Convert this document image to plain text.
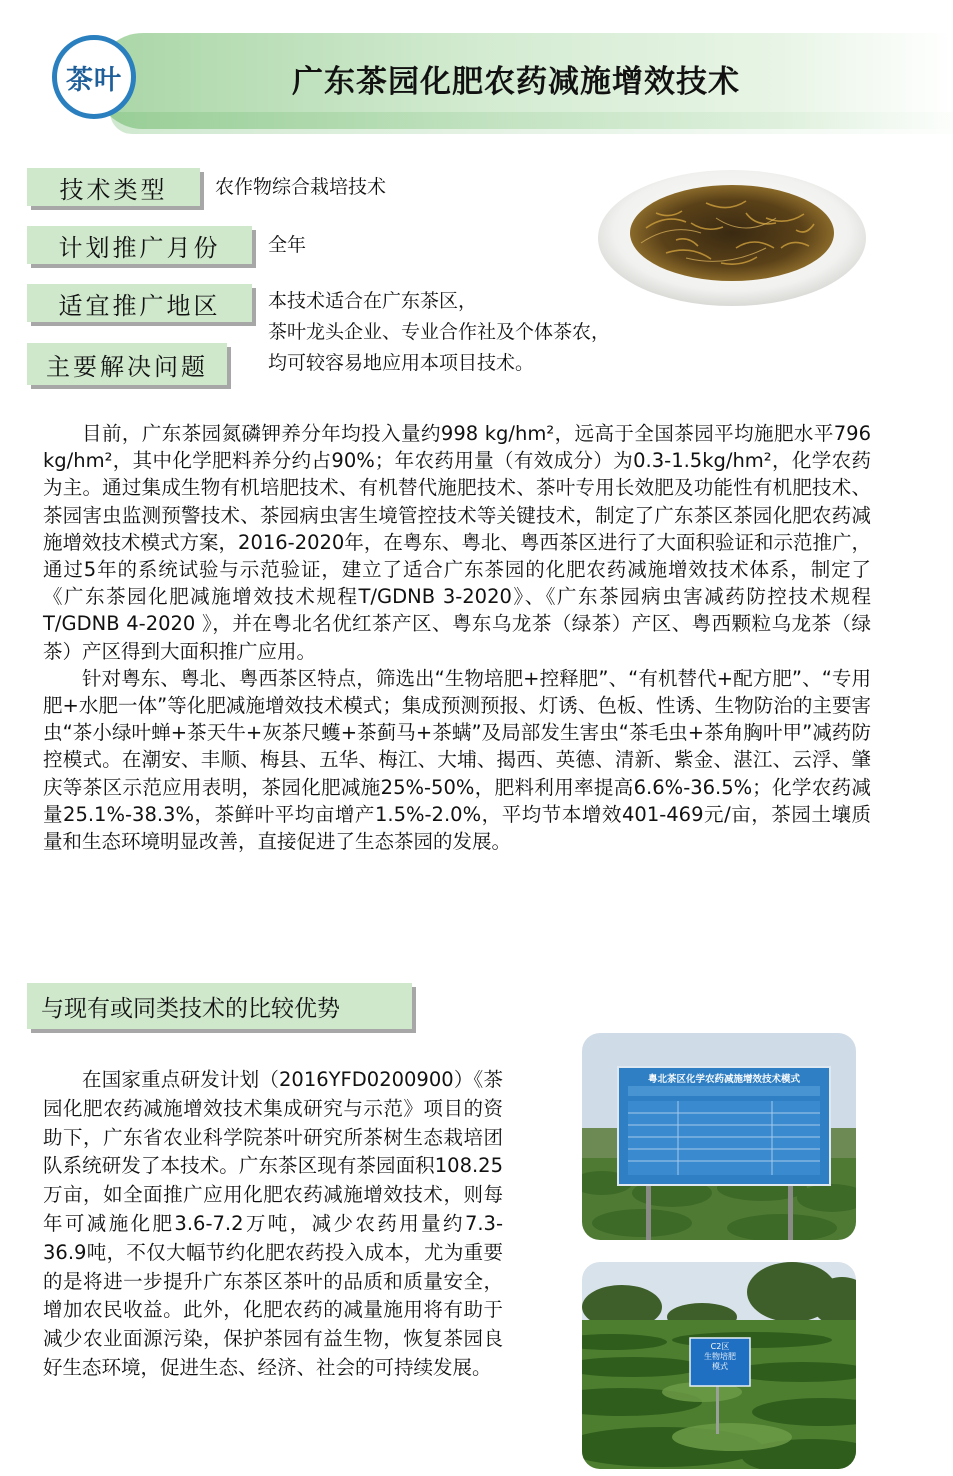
茶叶	广东茶园化肥农药减施增效技术
技术类型	农作物综合栽培技术
计划推广月份	全年
适宜推广地区	本技术适合在广东茶区，
茶叶龙头企业、专业合作社及个体茶农，
均可较容易地应用本项目技术。
主要解决问题

目前，广东茶园氮磷钾养分年均投入量约998 kg/hm²，远高于全国茶园平均施肥水平796 kg/hm²，其中化学肥料养分约占90%；年农药用量（有效成分）为0.3-1.5kg/hm²，化学农药为主。通过集成生物有机培肥技术、有机替代施肥技术、茶叶专用长效肥及功能性有机肥技术、茶园害虫监测预警技术、茶园病虫害生境管控技术等关键技术，制定了广东茶区茶园化肥农药减施增效技术模式方案，2016-2020年，在粤东、粤北、粤西茶区进行了大面积验证和示范推广，通过5年的系统试验与示范验证，建立了适合广东茶园的化肥农药减施增效技术体系，制定了《广东茶园化肥减施增效技术规程T/GDNB 3-2020》、《广东茶园病虫害减药防控技术规程 T/GDNB 4-2020 》，并在粤北名优红茶产区、粤东乌龙茶（绿茶）产区、粤西颗粒乌龙茶（绿茶）产区得到大面积推广应用。

针对粤东、粤北、粤西茶区特点，筛选出“生物培肥+控释肥”、“有机替代+配方肥”、“专用肥+水肥一体”等化肥减施增效技术模式；集成预测预报、灯诱、色板、性诱、生物防治的主要害虫“茶小绿叶蝉+茶天牛+灰茶尺蠖+茶蓟马+茶螨”及局部发生害虫“茶毛虫+茶角胸叶甲”减药防控模式。在潮安、丰顺、梅县、五华、梅江、大埔、揭西、英德、清新、紫金、湛江、云浮、肇庆等茶区示范应用表明，茶园化肥减施25%-50%，肥料利用率提高6.6%-36.5%；化学农药减量25.1%-38.3%，茶鲜叶平均亩增产1.5%-2.0%，平均节本增效401-469元/亩，茶园土壤质量和生态环境明显改善，直接促进了生态茶园的发展。

与现有或同类技术的比较优势

在国家重点研发计划（2016YFD0200900）《茶园化肥农药减施增效技术集成研究与示范》项目的资助下，广东省农业科学院茶叶研究所茶树生态栽培团队系统研发了本技术。广东茶区现有茶园面积108.25万亩，如全面推广应用化肥农药减施增效技术，则每年可减施化肥3.6-7.2万吨，减少农药用量约7.3-36.9吨，不仅大幅节约化肥农药投入成本，尤为重要的是将进一步提升广东茶区茶叶的品质和质量安全，增加农民收益。此外，化肥农药的减量施用将有助于减少农业面源污染，保护茶园有益生物，恢复茶园良好生态环境，促进生态、经济、社会的可持续发展。

粤北茶区化学农药减施增效技术模式
C2区
生物培肥
模式
